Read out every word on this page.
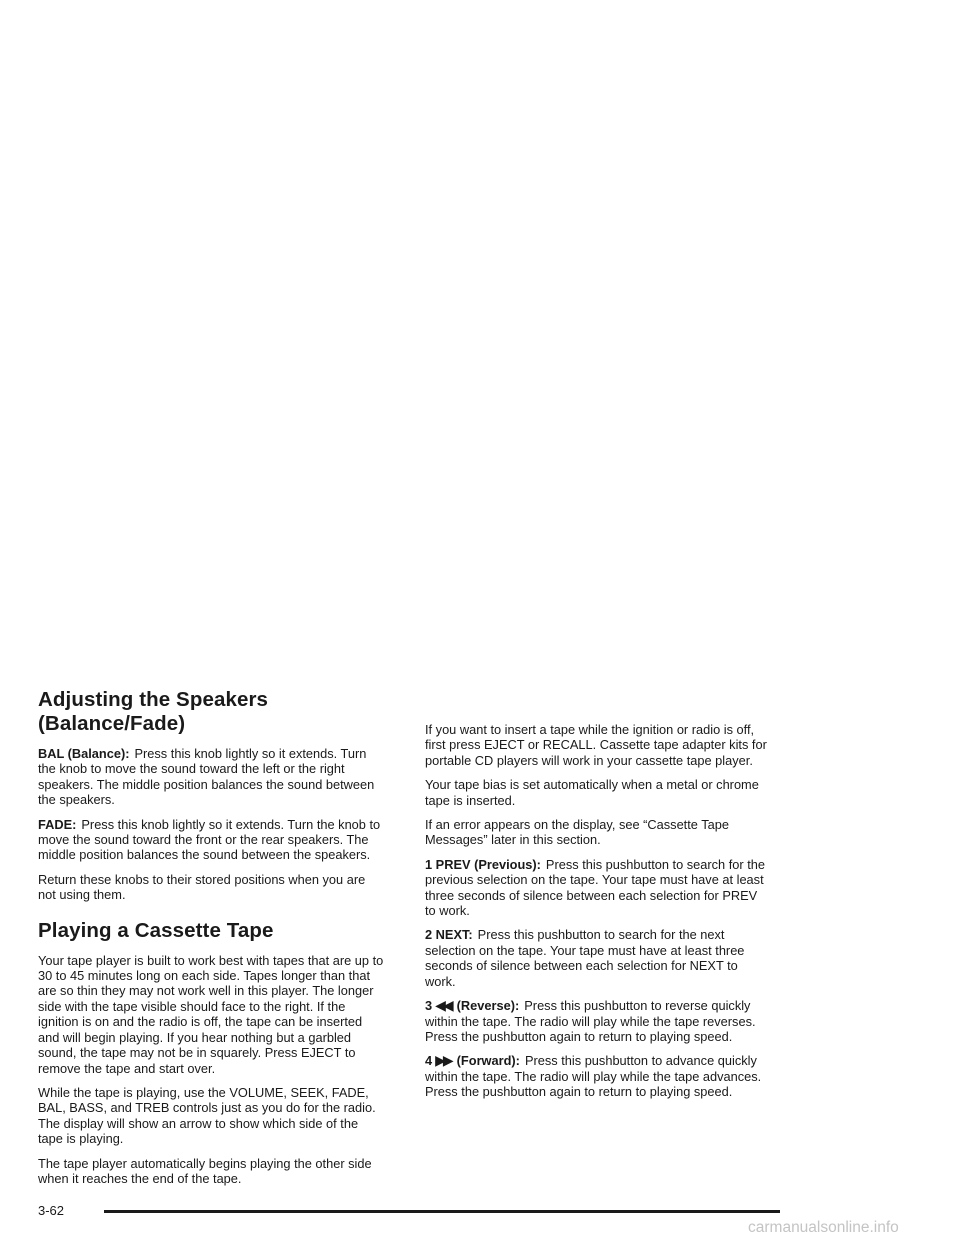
Adjusting the Speakers (Balance/Fade)

BAL (Balance): Press this knob lightly so it extends. Turn the knob to move the sound toward the left or the right speakers. The middle position balances the sound between the speakers.

FADE: Press this knob lightly so it extends. Turn the knob to move the sound toward the front or the rear speakers. The middle position balances the sound between the speakers.

Return these knobs to their stored positions when you are not using them.

Playing a Cassette Tape

Your tape player is built to work best with tapes that are up to 30 to 45 minutes long on each side. Tapes longer than that are so thin they may not work well in this player. The longer side with the tape visible should face to the right. If the ignition is on and the radio is off, the tape can be inserted and will begin playing. If you hear nothing but a garbled sound, the tape may not be in squarely. Press EJECT to remove the tape and start over.

While the tape is playing, use the VOLUME, SEEK, FADE, BAL, BASS, and TREB controls just as you do for the radio. The display will show an arrow to show which side of the tape is playing.

The tape player automatically begins playing the other side when it reaches the end of the tape.

If you want to insert a tape while the ignition or radio is off, first press EJECT or RECALL. Cassette tape adapter kits for portable CD players will work in your cassette tape player.

Your tape bias is set automatically when a metal or chrome tape is inserted.

If an error appears on the display, see “Cassette Tape Messages” later in this section.

1 PREV (Previous): Press this pushbutton to search for the previous selection on the tape. Your tape must have at least three seconds of silence between each selection for PREV to work.

2 NEXT: Press this pushbutton to search for the next selection on the tape. Your tape must have at least three seconds of silence between each selection for NEXT to work.

3 ◀◀ (Reverse): Press this pushbutton to reverse quickly within the tape. The radio will play while the tape reverses. Press the pushbutton again to return to playing speed.

4 ▶▶ (Forward): Press this pushbutton to advance quickly within the tape. The radio will play while the tape advances. Press the pushbutton again to return to playing speed.

3-62
carmanualsonline.info
